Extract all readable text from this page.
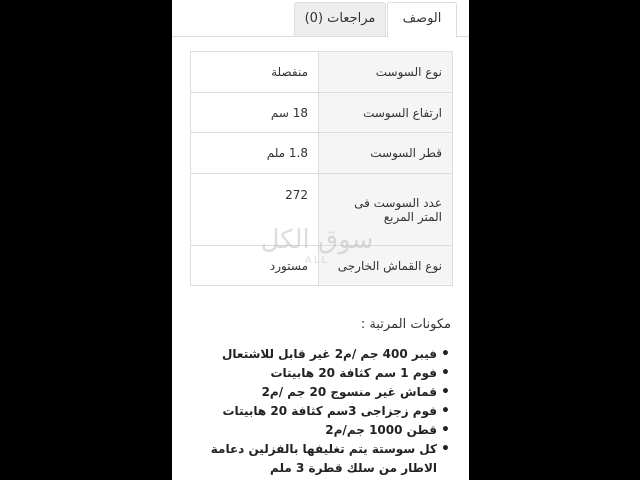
الوصف
مراجعات (0)
نوع السوست	منفصلة
ارتفاع السوست	18 سم
قطر السوست	1.8 ملم
عدد السوست فى المتر المربع	272
نوع القماش الخارجى	مستورد
مكونات المرتبة :
• فيبر 400 جم /م2 غير قابل للاشتعال
• فوم 1 سم كثافة 20 هابيتات
• قماش غير منسوج 20 جم /م2
• فوم زجزاجى 3سم كثافة 20 هابيتات
• قطن 1000 جم/م2
• كل سوستة يتم تغليفها بالفزلين دعامة الاطار من سلك قطرة 3 ملم
سوق الكل
ALL
